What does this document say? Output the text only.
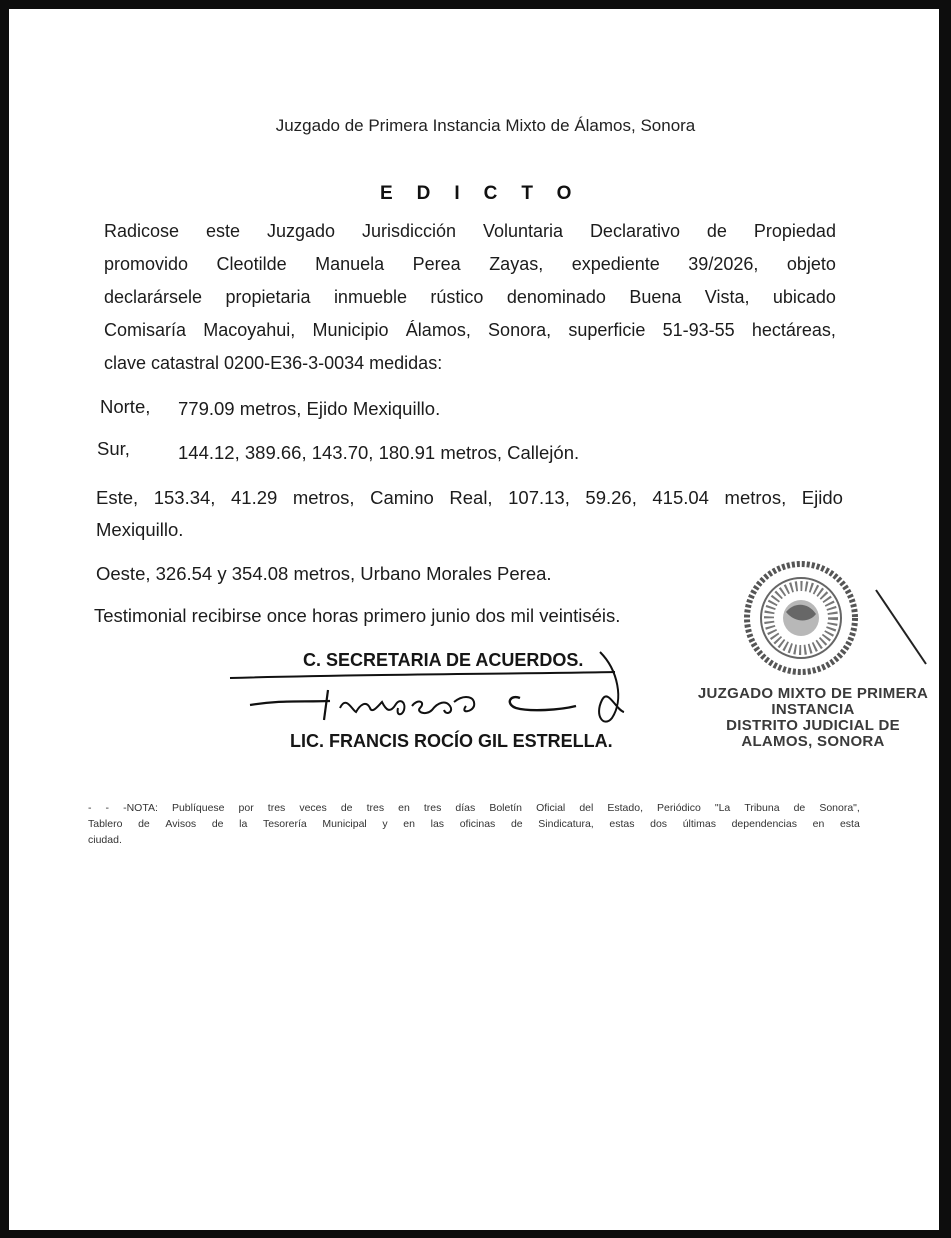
Juzgado de Primera Instancia Mixto de Álamos, Sonora
EDICTO
Radicose este Juzgado Jurisdicción Voluntaria Declarativo de Propiedad
promovido Cleotilde Manuela Perea Zayas, expediente 39/2026, objeto
declarársele propietaria inmueble rústico denominado Buena Vista, ubicado
Comisaría Macoyahui, Municipio Álamos, Sonora, superficie 51-93-55 hectáreas,
clave catastral 0200-E36-3-0034 medidas:
Norte, 779.09 metros, Ejido Mexiquillo.
Sur,	144.12, 389.66, 143.70, 180.91 metros, Callejón.
Este, 153.34, 41.29 metros, Camino Real, 107.13, 59.26, 415.04 metros, Ejido
Mexiquillo.
Oeste, 326.54 y 354.08 metros, Urbano Morales Perea.
Testimonial recibirse once horas primero junio dos mil veintiséis.
C. SECRETARIA DE ACUERDOS.
LIC. FRANCIS ROCÍO GIL ESTRELLA.
JUZGADO MIXTO DE PRIMERA
INSTANCIA
DISTRITO JUDICIAL DE
ALAMOS, SONORA
- - -NOTA: Publíquese por tres veces de tres en tres días Boletín Oficial del Estado, Periódico "La Tribuna de Sonora",
Tablero de Avisos de la Tesorería Municipal y en las oficinas de Sindicatura, estas dos últimas dependencias en esta
ciudad.
